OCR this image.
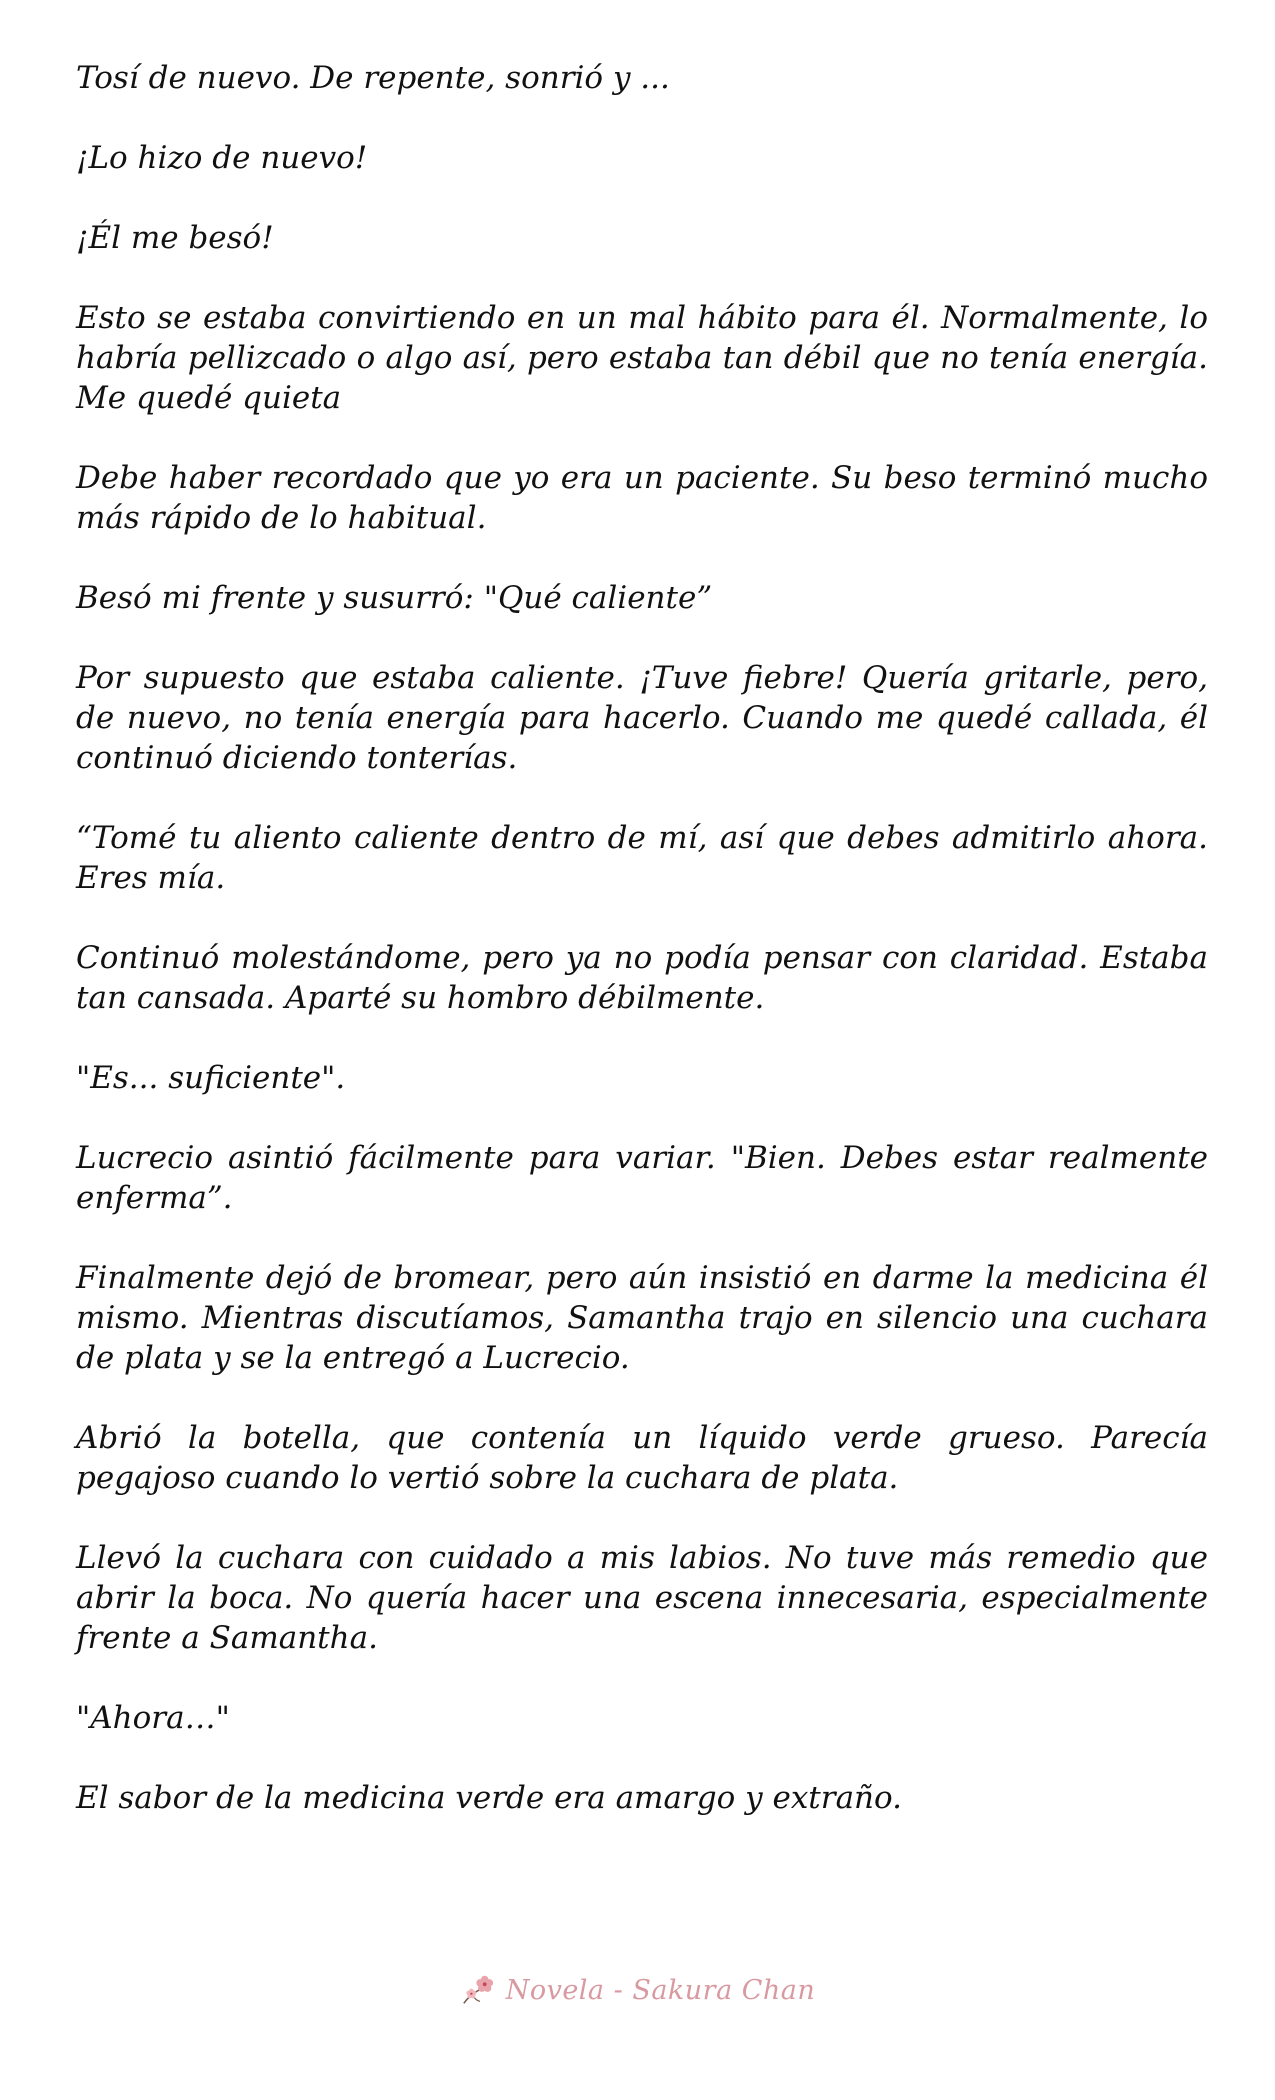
Tosí de nuevo. De repente, sonrió y ...

¡Lo hizo de nuevo!

¡Él me besó!

Esto se estaba convirtiendo en un mal hábito para él. Normalmente, lo habría pellizcado o algo así, pero estaba tan débil que no tenía energía. Me quedé quieta

Debe haber recordado que yo era un paciente. Su beso terminó mucho más rápido de lo habitual.

Besó mi frente y susurró: "Qué caliente”

Por supuesto que estaba caliente. ¡Tuve fiebre! Quería gritarle, pero, de nuevo, no tenía energía para hacerlo. Cuando me quedé callada, él continuó diciendo tonterías.

“Tomé tu aliento caliente dentro de mí, así que debes admitirlo ahora. Eres mía.

Continuó molestándome, pero ya no podía pensar con claridad. Estaba tan cansada. Aparté su hombro débilmente.

"Es... suficiente".

Lucrecio asintió fácilmente para variar. "Bien. Debes estar realmente enferma”.

Finalmente dejó de bromear, pero aún insistió en darme la medicina él mismo. Mientras discutíamos, Samantha trajo en silencio una cuchara de plata y se la entregó a Lucrecio.

Abrió la botella, que contenía un líquido verde grueso. Parecía pegajoso cuando lo vertió sobre la cuchara de plata.

Llevó la cuchara con cuidado a mis labios. No tuve más remedio que abrir la boca. No quería hacer una escena innecesaria, especialmente frente a Samantha.

"Ahora…"

El sabor de la medicina verde era amargo y extraño.

Novela - Sakura Chan
